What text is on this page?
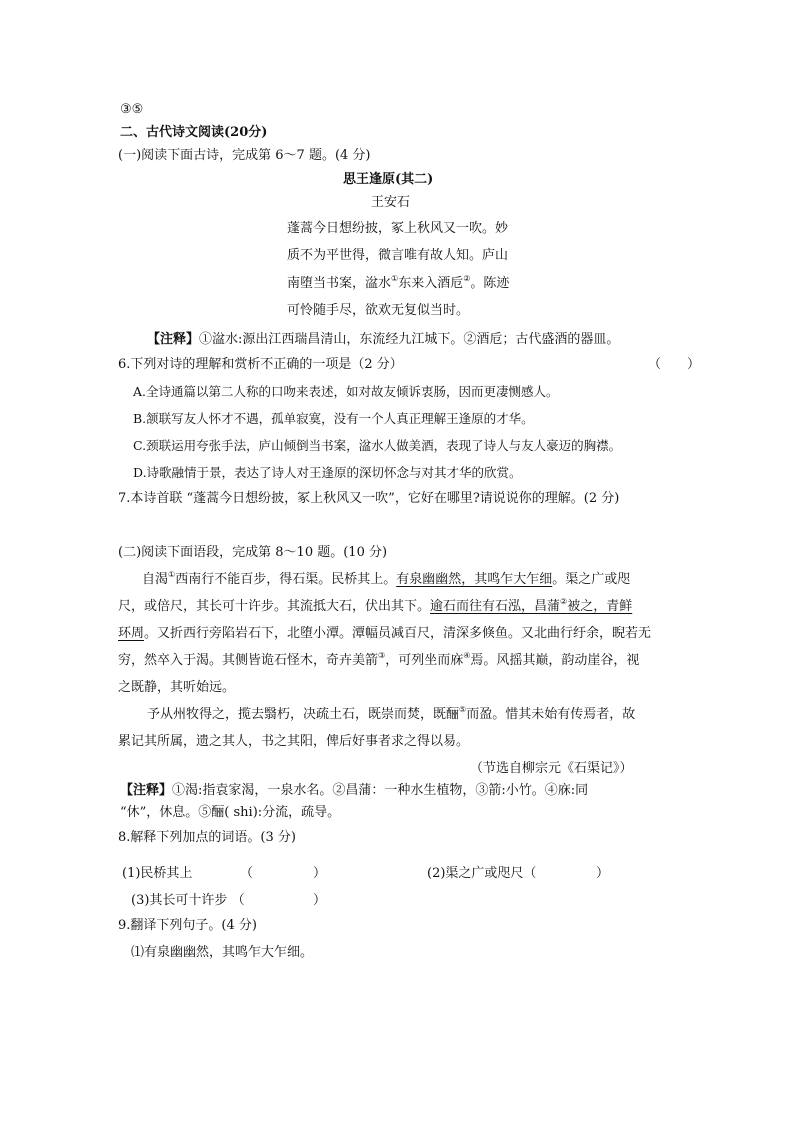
③⑤
二、古代诗文阅读(20分)
(一)阅读下面古诗，完成第 6～7 题。(4 分)
思王逢原(其二)
王安石
蓬蒿今日想纷披，冢上秋风又一吹。妙
质不为平世得，微言唯有故人知。庐山
南堕当书案，湓水①东来入酒卮②。陈迹
可怜随手尽，欲欢无复似当时。
【注释】①湓水:源出江西瑞昌清山，东流经九江城下。②酒卮；古代盛酒的器皿。
6.下列对诗的理解和赏析不正确的一项是（2 分）	（　　）
A.全诗通篇以第二人称的口吻来表述，如对故友倾诉衷肠，因而更凄恻感人。
B.颔联写友人怀才不遇，孤单寂寞，没有一个人真正理解王逢原的才华。
C.颈联运用夸张手法，庐山倾倒当书案，湓水人做美酒，表现了诗人与友人豪迈的胸襟。
D.诗歌融情于景，表达了诗人对王逢原的深切怀念与对其才华的欣赏。
7.本诗首联 “蓬蒿今日想纷披，冢上秋风又一吹”，它好在哪里?请说说你的理解。(2 分)
(二)阅读下面语段，完成第 8～10 题。(10 分)
自渴①西南行不能百步，得石渠。民桥其上。有泉幽幽然，其鸣乍大乍细。渠之广或咫
尺，或倍尺，其长可十许步。其流抵大石，伏出其下。逾石而往有石泓，昌蒲②被之，青鲜
环周。又折西行旁陷岩石下，北堕小潭。潭幅员减百尺，清深多倏鱼。又北曲行纡余，睨若无
穷，然卒入于渴。其侧皆诡石怪木，奇卉美箭③，可列坐而庥④焉。风摇其巅，韵动崖谷，视
之既静，其听始远。
予从州牧得之，揽去翳朽，决疏土石，既崇而焚，既酾⑤而盈。惜其未始有传焉者，故
累记其所属，遗之其人，书之其阳，俾后好事者求之得以易。
（节选自柳宗元《石渠记》）
【注释】①渴:指袁家渴，一泉水名。②昌蒲：一种水生植物，③箭:小竹。④庥:同
“休”，休息。⑤酾( shi):分流，疏导。
8.解释下列加点的词语。(3 分)
(1)民桥其上	（	）	(2)渠之广或咫尺（	）
(3)其长可十许步 （	）
9.翻译下列句子。(4 分)
⑴有泉幽幽然，其鸣乍大乍细。
